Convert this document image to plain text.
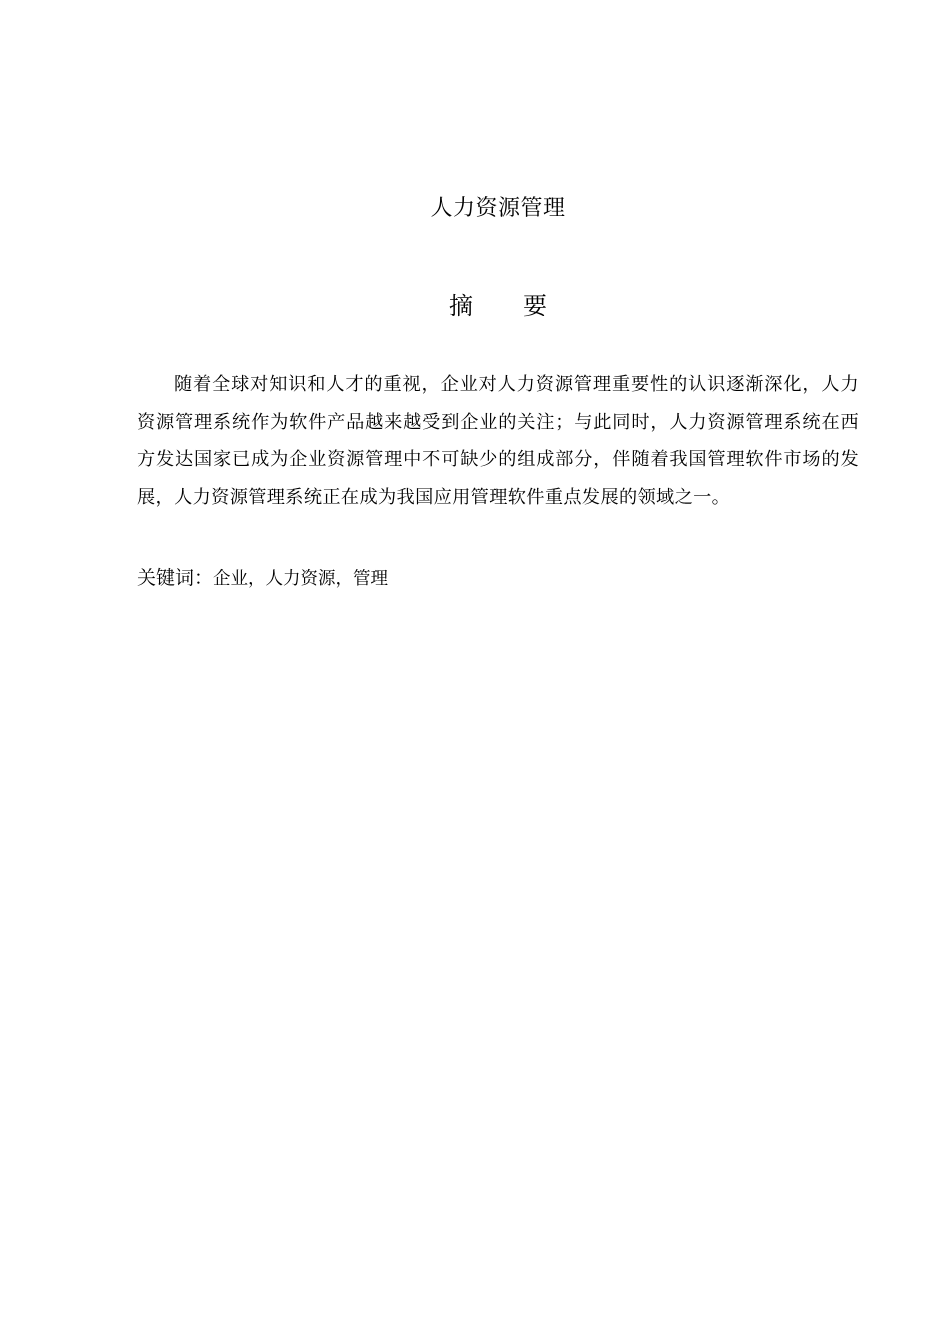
人力资源管理
摘 要

随着全球对知识和人才的重视，企业对人力资源管理重要性的认识逐渐深化，人力资源管理系统作为软件产品越来越受到企业的关注；与此同时，人力资源管理系统在西方发达国家已成为企业资源管理中不可缺少的组成部分，伴随着我国管理软件市场的发展，人力资源管理系统正在成为我国应用管理软件重点发展的领域之一。

关键词：企业，人力资源，管理
